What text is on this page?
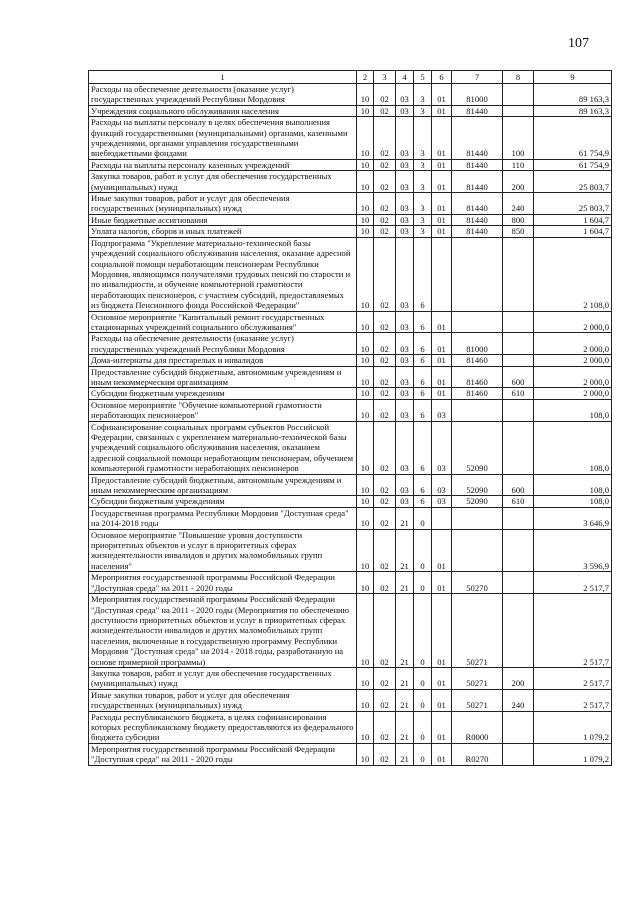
107
1	2	3	4	5	6	7	8	9
Расходы на обеспечение деятельности (оказание услуг) государственных учреждений Республики Мордовия	10	02	03	3	01	81000		89 163,3
Учреждения социального обслуживания населения	10	02	03	3	01	81440		89 163,3
Расходы на выплаты персоналу в целях обеспечения выполнения функций государственными (муниципальными) органами, казенными учреждениями, органами управления государственными внебюджетными фондами	10	02	03	3	01	81440	100	61 754,9
Расходы на выплаты персоналу казенных учреждений	10	02	03	3	01	81440	110	61 754,9
Закупка товаров, работ и услуг для обеспечения государственных (муниципальных) нужд	10	02	03	3	01	81440	200	25 803,7
Иные закупки товаров, работ и услуг для обеспечения государственных (муниципальных) нужд	10	02	03	3	01	81440	240	25 803,7
Иные бюджетные ассигнования	10	02	03	3	01	81440	800	1 604,7
Уплата налогов, сборов и иных платежей	10	02	03	3	01	81440	850	1 604,7
Подпрограмма "Укрепление материально-технической базы учреждений социального обслуживания населения, оказание адресной социальной помощи неработающим пенсионерам Республики Мордовия, являющимся получателями трудовых пенсий по старости и по инвалидности, и обучение компьютерной грамотности неработающих пенсионеров, с участием субсидий, предоставляемых из бюджета Пенсионного фонда Российской Федерации"	10	02	03	6				2 108,0
Основное мероприятие "Капитальный ремонт государственных стационарных учреждений социального обслуживания"	10	02	03	6	01			2 000,0
Расходы на обеспечение деятельности (оказание услуг) государственных учреждений Республики Мордовия	10	02	03	6	01	81000		2 000,0
Дома-интернаты для престарелых и инвалидов	10	02	03	6	01	81460		2 000,0
Предоставление субсидий бюджетным, автономным учреждениям и иным некоммерческим организациям	10	02	03	6	01	81460	600	2 000,0
Субсидии бюджетным учреждениям	10	02	03	6	01	81460	610	2 000,0
Основное мероприятие "Обучение компьютерной грамотности неработающих пенсионеров"	10	02	03	6	03			108,0
Софинансирование социальных программ субъектов Российской Федерации, связанных с укреплением материально-технической базы учреждений социального обслуживания населения, оказанием адресной социальной помощи неработающим пенсионерам, обучением компьютерной грамотности неработающих пенсионеров	10	02	03	6	03	52090		108,0
Предоставление субсидий бюджетным, автономным учреждениям и иным некоммерческим организациям	10	02	03	6	03	52090	600	108,0
Субсидии бюджетным учреждениям	10	02	03	6	03	52090	610	108,0
Государственная программа Республики Мордовия "Доступная среда" на 2014-2018 годы	10	02	21	0				3 646,9
Основное мероприятие "Повышение уровня доступности приоритетных объектов и услуг в приоритетных сферах жизнедеятельности инвалидов и других маломобильных групп населения"	10	02	21	0	01			3 596,9
Мероприятия государственной программы Российской Федерации "Доступная среда" на 2011 - 2020 годы	10	02	21	0	01	50270		2 517,7
Мероприятия государственной программы Российской Федерации "Доступная среда" на 2011 - 2020 годы (Мероприятия по обеспечению доступности приоритетных объектов и услуг в приоритетных сферах жизнедеятельности инвалидов и других маломобильных групп населения, включенные в государственную программу Республики Мордовия "Доступная среда" на 2014 - 2018 годы, разработанную на основе примерной программы)	10	02	21	0	01	50271		2 517,7
Закупка товаров, работ и услуг для обеспечения государственных (муниципальных) нужд	10	02	21	0	01	50271	200	2 517,7
Иные закупки товаров, работ и услуг для обеспечения государственных (муниципальных) нужд	10	02	21	0	01	50271	240	2 517,7
Расходы республиканского бюджета, в целях софинансирования которых республиканскому бюджету предоставляются из федерального бюджета субсидии	10	02	21	0	01	R0000		1 079,2
Мероприятия государственной программы Российской Федерации "Доступная среда" на 2011 - 2020 годы	10	02	21	0	01	R0270		1 079,2
